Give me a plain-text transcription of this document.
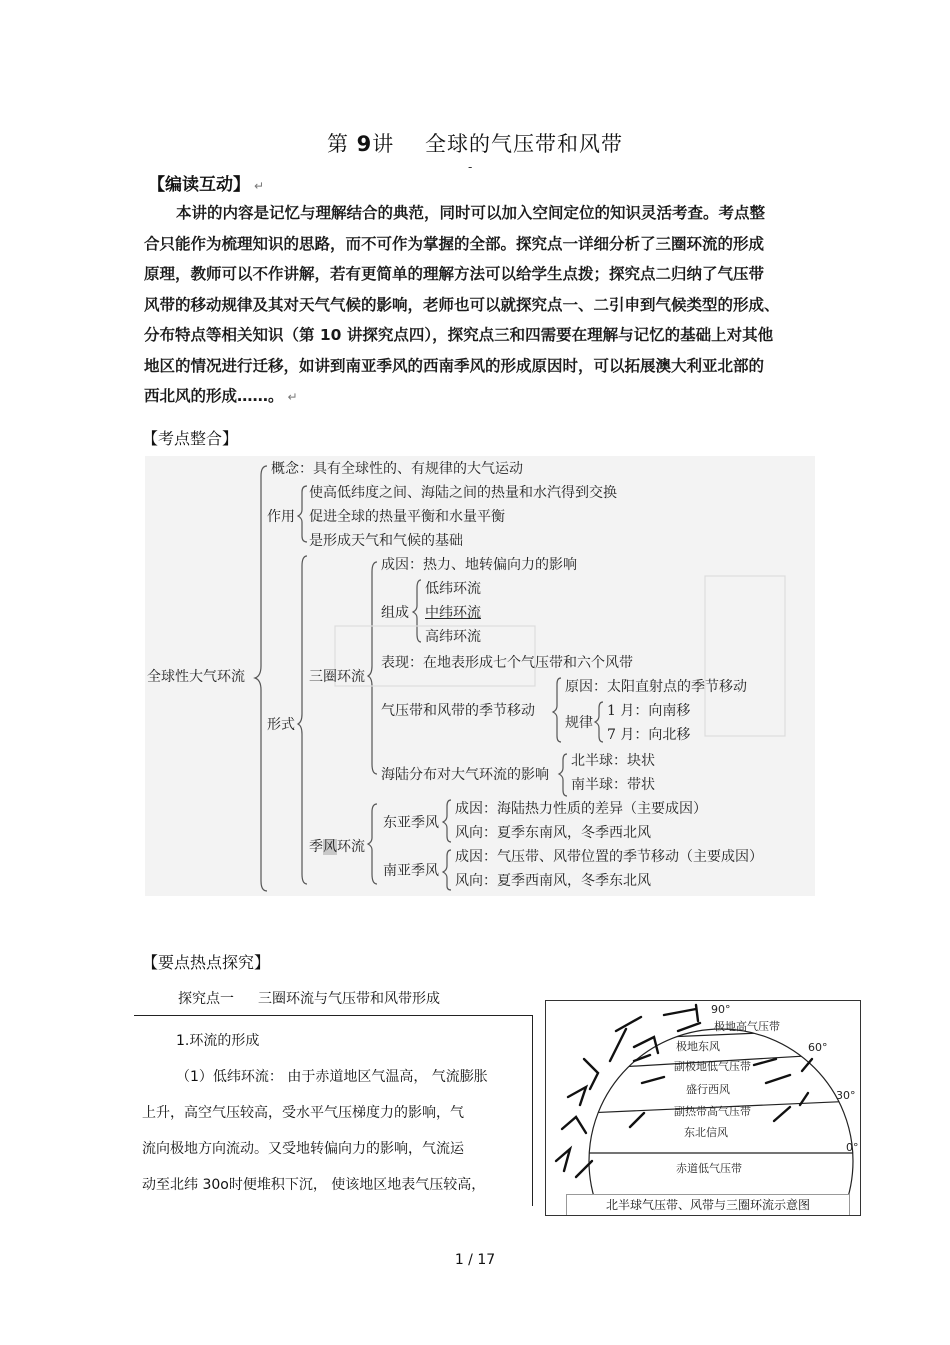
第 9讲 全球的气压带和风带
-
【编读互动】 ↵

本讲的内容是记忆与理解结合的典范，同时可以加入空间定位的知识灵活考查。考点整

合只能作为梳理知识的思路，而不可作为掌握的全部。探究点一详细分析了三圈环流的形成
原理，教师可以不作讲解，若有更简单的理解方法可以给学生点拨；探究点二归纳了气压带
风带的移动规律及其对天气气候的影响，老师也可以就探究点一、二引申到气候类型的形成、
分布特点等相关知识（第 10 讲探究点四），探究点三和四需要在理解与记忆的基础上对其他
地区的情况进行迁移，如讲到南亚季风的西南季风的形成原因时，可以拓展澳大利亚北部的
西北风的形成……。 ↵
【考点整合】
全球性大气环流
概念：具有全球性的、有规律的大气运动
作用
使高低纬度之间、海陆之间的热量和水汽得到交换
促进全球的热量平衡和水量平衡
是形成天气和气候的基础
形式
三圈环流
成因：热力、地转偏向力的影响
组成
低纬环流
中纬环流
高纬环流
表现：在地表形成七个气压带和六个风带
气压带和风带的季节移动
原因：太阳直射点的季节移动
规律
1 月：向南移
7 月：向北移
海陆分布对大气环流的影响
北半球：块状
南半球：带状
季风环流
东亚季风
成因：海陆热力性质的差异（主要成因）
风向：夏季东南风，冬季西北风
南亚季风
成因：气压带、风带位置的季节移动（主要成因）
风向：夏季西南风，冬季东北风
【要点热点探究】
探究点一 三圈环流与气压带和风带形成
1.环流的形成
（1）低纬环流： 由于赤道地区气温高， 气流膨胀
上升，高空气压较高，受水平气压梯度力的影响，气
流向极地方向流动。又受地转偏向力的影响，气流运
动至北纬 30o时便堆积下沉， 使该地区地表气压较高，
90°
60°
30°
0°
极地高气压带
极地东风
副极地低气压带
盛行西风
副热带高气压带
东北信风
赤道低气压带
北半球气压带、风带与三圈环流示意图
1 / 17
